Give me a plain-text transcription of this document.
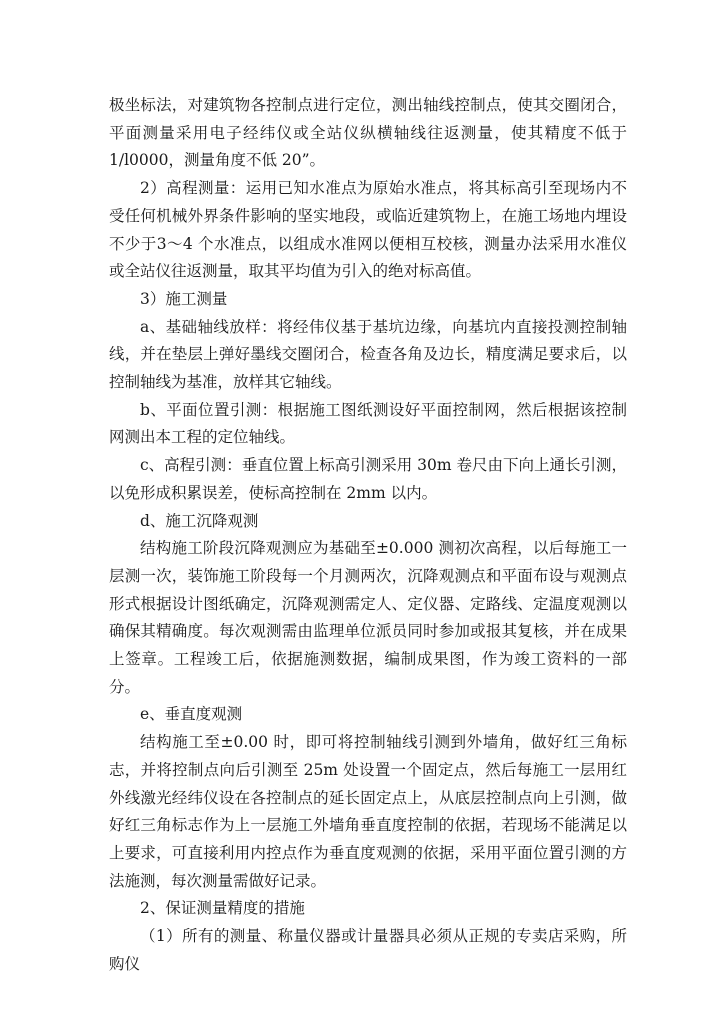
极坐标法，对建筑物各控制点进行定位，测出轴线控制点，使其交圈闭合，平面测量采用电子经纬仪或全站仪纵横轴线往返测量，使其精度不低于 1/l0000，测量角度不低 20”。

2）高程测量：运用已知水准点为原始水准点，将其标高引至现场内不受任何机械外界条件影响的坚实地段，或临近建筑物上，在施工场地内埋设不少于3～4 个水准点，以组成水准网以便相互校核，测量办法采用水准仪或全站仪往返测量，取其平均值为引入的绝对标高值。

3）施工测量

a、基础轴线放样：将经伟仪基于基坑边缘，向基坑内直接投测控制轴线，并在垫层上弹好墨线交圈闭合，检查各角及边长，精度满足要求后，以控制轴线为基准，放样其它轴线。

b、平面位置引测：根据施工图纸测设好平面控制网，然后根据该控制网测出本工程的定位轴线。

c、高程引测：垂直位置上标高引测采用 30m 卷尺由下向上通长引测，以免形成积累误差，使标高控制在 2mm 以内。

d、施工沉降观测

结构施工阶段沉降观测应为基础至±0.000 测初次高程，以后每施工一层测一次，装饰施工阶段每一个月测两次，沉降观测点和平面布设与观测点形式根据设计图纸确定，沉降观测需定人、定仪器、定路线、定温度观测以确保其精确度。每次观测需由监理单位派员同时参加或报其复核，并在成果上签章。工程竣工后，依据施测数据，编制成果图，作为竣工资料的一部分。

e、垂直度观测

结构施工至±0.00 时，即可将控制轴线引测到外墙角，做好红三角标志，并将控制点向后引测至 25m 处设置一个固定点，然后每施工一层用红外线激光经纬仪设在各控制点的延长固定点上，从底层控制点向上引测，做好红三角标志作为上一层施工外墙角垂直度控制的依据，若现场不能满足以上要求，可直接利用内控点作为垂直度观测的依据，采用平面位置引测的方法施测，每次测量需做好记录。

2、保证测量精度的措施

（1）所有的测量、称量仪器或计量器具必须从正规的专卖店采购，所购仪
